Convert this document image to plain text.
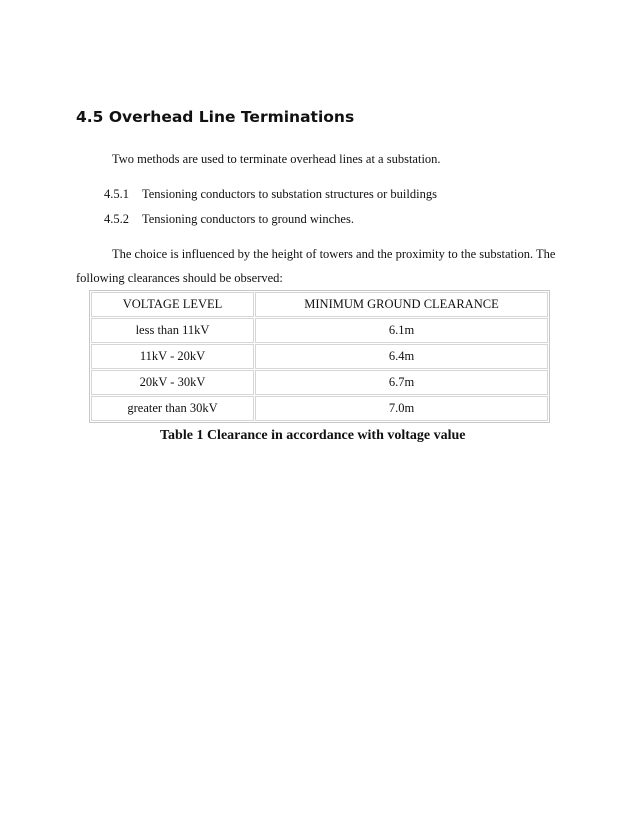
4.5 Overhead Line Terminations
Two methods are used to terminate overhead lines at a substation.
4.5.1 Tensioning conductors to substation structures or buildings
4.5.2 Tensioning conductors to ground winches.
The choice is influenced by the height of towers and the proximity to the substation. The
following clearances should be observed:
VOLTAGE LEVEL	MINIMUM GROUND CLEARANCE
less than 11kV	6.1m
11kV - 20kV	6.4m
20kV - 30kV	6.7m
greater than 30kV	7.0m
Table 1 Clearance in accordance with voltage value
